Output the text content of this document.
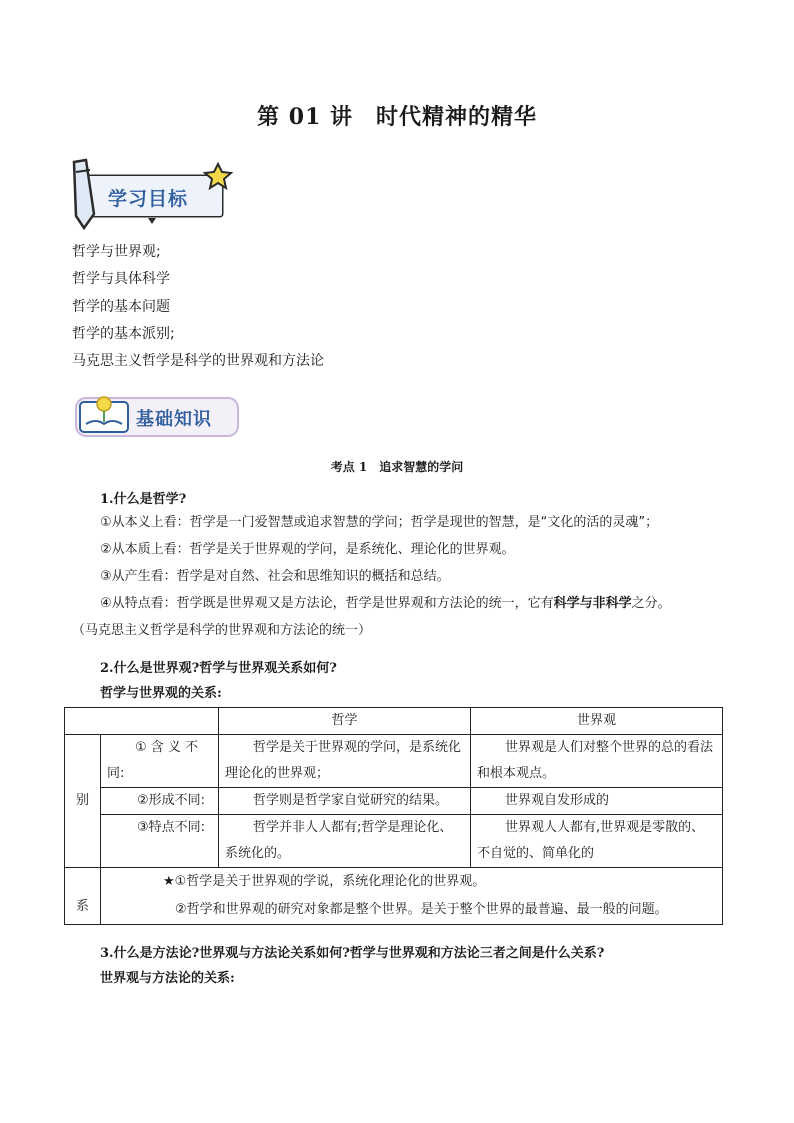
第 01 讲　时代精神的精华
学习目标
哲学与世界观;
哲学与具体科学
哲学的基本问题
哲学的基本派别;
马克思主义哲学是科学的世界观和方法论
基础知识
考点 1　追求智慧的学问
1.什么是哲学?
①从本义上看：哲学是一门爱智慧或追求智慧的学问；哲学是现世的智慧，是“文化的活的灵魂”；
②从本质上看：哲学是关于世界观的学问，是系统化、理论化的世界观。
③从产生看：哲学是对自然、社会和思维知识的概括和总结。
④从特点看：哲学既是世界观又是方法论，哲学是世界观和方法论的统一，它有科学与非科学之分。
（马克思主义哲学是科学的世界观和方法论的统一）
2.什么是世界观?哲学与世界观关系如何?
哲学与世界观的关系:
		哲学	世界观
别	① 含 义 不同:	哲学是关于世界观的学问，是系统化理论化的世界观；	世界观是人们对整个世界的总的看法和根本观点。
	②形成不同:	哲学则是哲学家自觉研究的结果。	世界观自发形成的
	③特点不同:	哲学并非人人都有;哲学是理论化、系统化的。	世界观人人都有,世界观是零散的、不自觉的、简单化的
系	★①哲学是关于世界观的学说，系统化理论化的世界观。
②哲学和世界观的研究对象都是整个世界。是关于整个世界的最普遍、最一般的问题。		
3.什么是方法论?世界观与方法论关系如何?哲学与世界观和方法论三者之间是什么关系?
世界观与方法论的关系:
